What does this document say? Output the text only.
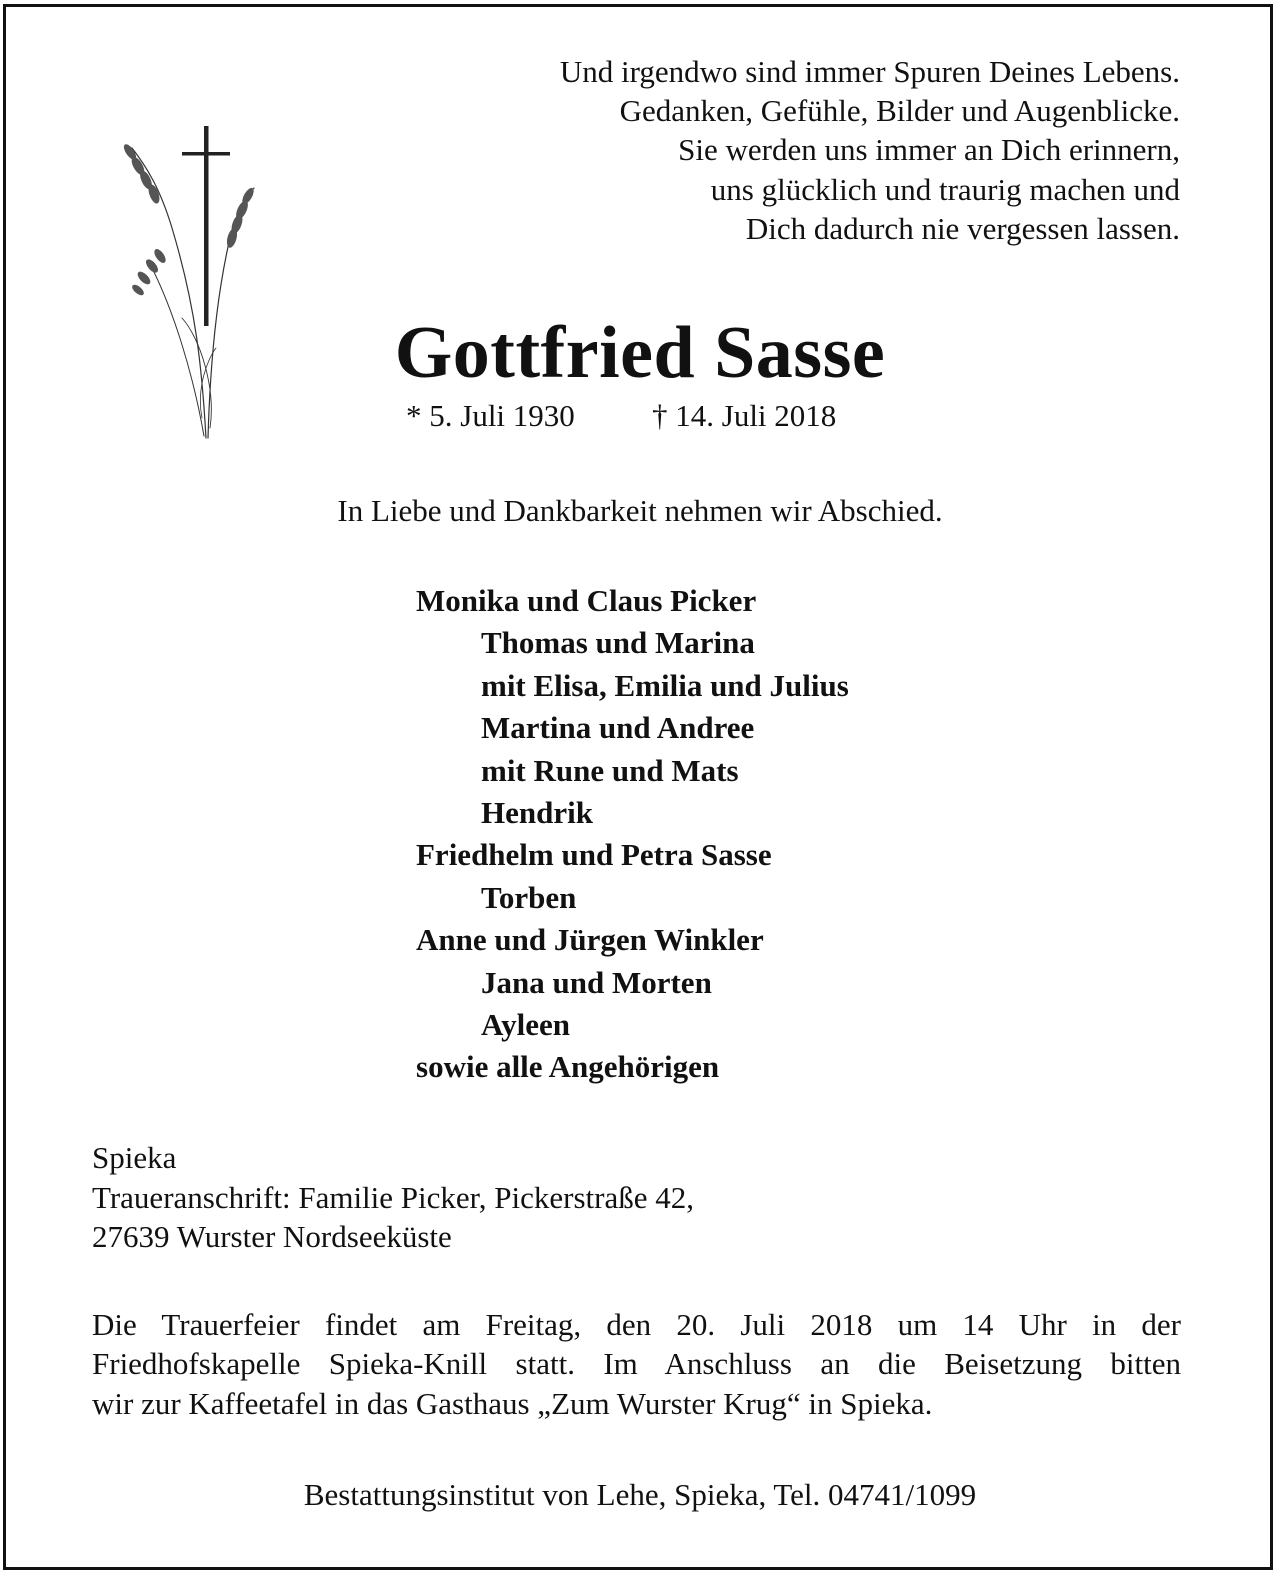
Und irgendwo sind immer Spuren Deines Lebens.
Gedanken, Gefühle, Bilder und Augenblicke.
Sie werden uns immer an Dich erinnern,
uns glücklich und traurig machen und
Dich dadurch nie vergessen lassen.
Gottfried Sasse
* 5. Juli 1930 † 14. Juli 2018
In Liebe und Dankbarkeit nehmen wir Abschied.
Monika und Claus Picker
Thomas und Marina
mit Elisa, Emilia und Julius
Martina und Andree
mit Rune und Mats
Hendrik
Friedhelm und Petra Sasse
Torben
Anne und Jürgen Winkler
Jana und Morten
Ayleen
sowie alle Angehörigen
Spieka
Traueranschrift: Familie Picker, Pickerstraße 42,
27639 Wurster Nordseeküste
Die Trauerfeier findet am Freitag, den 20. Juli 2018 um 14 Uhr in der
Friedhofskapelle Spieka-Knill statt. Im Anschluss an die Beisetzung bitten
wir zur Kaffeetafel in das Gasthaus „Zum Wurster Krug“ in Spieka.
Bestattungsinstitut von Lehe, Spieka, Tel. 04741/1099
